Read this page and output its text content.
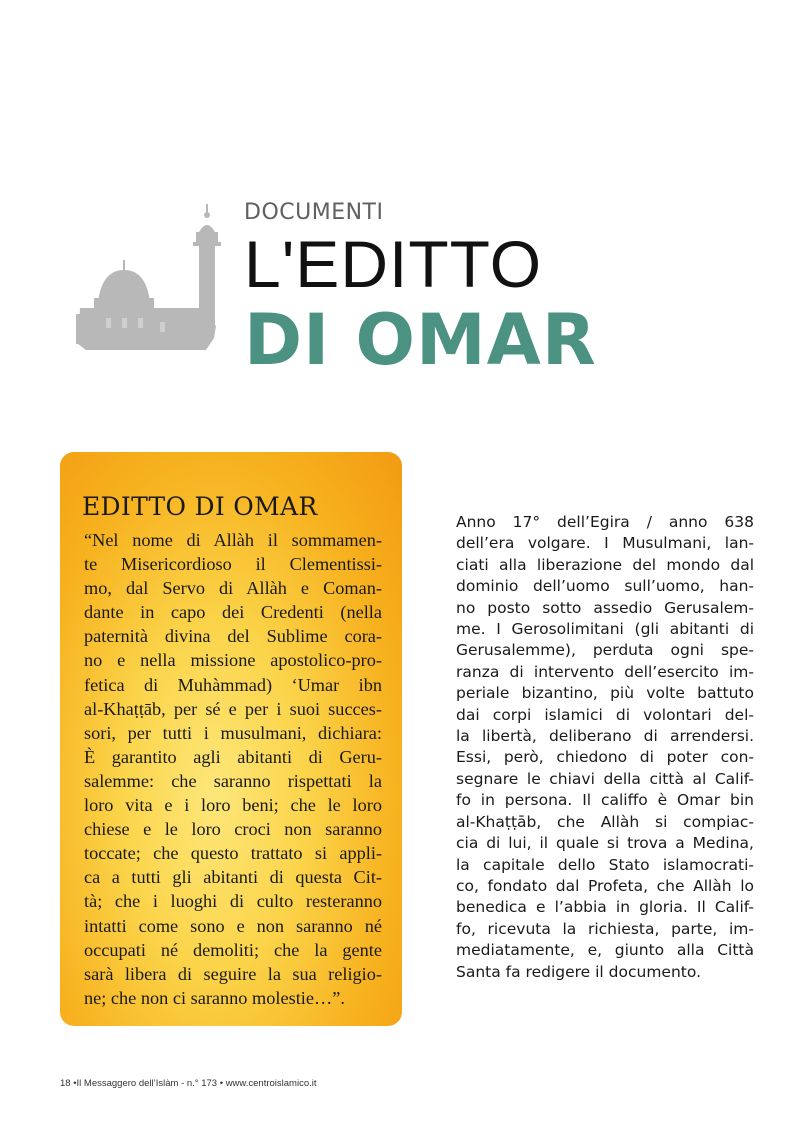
DOCUMENTI
L'EDITTO
DI OMAR
EDITTO DI OMAR
“Nel nome di Allàh il sommamen-
te Misericordioso il Clementissi-
mo, dal Servo di Allàh e Coman-
dante in capo dei Credenti (nella
paternità divina del Sublime cora-
no e nella missione apostolico-pro-
fetica di Muhàmmad) ‘Umar ibn
al-Khaṭṭāb, per sé e per i suoi succes-
sori, per tutti i musulmani, dichiara:
È garantito agli abitanti di Geru-
salemme: che saranno rispettati la
loro vita e i loro beni; che le loro
chiese e le loro croci non saranno
toccate; che questo trattato si appli-
ca a tutti gli abitanti di questa Cit-
tà; che i luoghi di culto resteranno
intatti come sono e non saranno né
occupati né demoliti; che la gente
sarà libera di seguire la sua religio-
ne; che non ci saranno molestie…”.
Anno 17° dell’Egira / anno 638
dell’era volgare. I Musulmani, lan-
ciati alla liberazione del mondo dal
dominio dell’uomo sull’uomo, han-
no posto sotto assedio Gerusalem-
me. I Gerosolimitani (gli abitanti di
Gerusalemme), perduta ogni spe-
ranza di intervento dell’esercito im-
periale bizantino, più volte battuto
dai corpi islamici di volontari del-
la libertà, deliberano di arrendersi.
Essi, però, chiedono di poter con-
segnare le chiavi della città al Calif-
fo in persona. Il califfo è Omar bin
al-Khaṭṭāb, che Allàh si compiac-
cia di lui, il quale si trova a Medina,
la capitale dello Stato islamocrati-
co, fondato dal Profeta, che Allàh lo
benedica e l’abbia in gloria. Il Calif-
fo, ricevuta la richiesta, parte, im-
mediatamente, e, giunto alla Città
Santa fa redigere il documento.
18 •Il Messaggero dell’Islàm - n.° 173 • www.centroislamico.it
